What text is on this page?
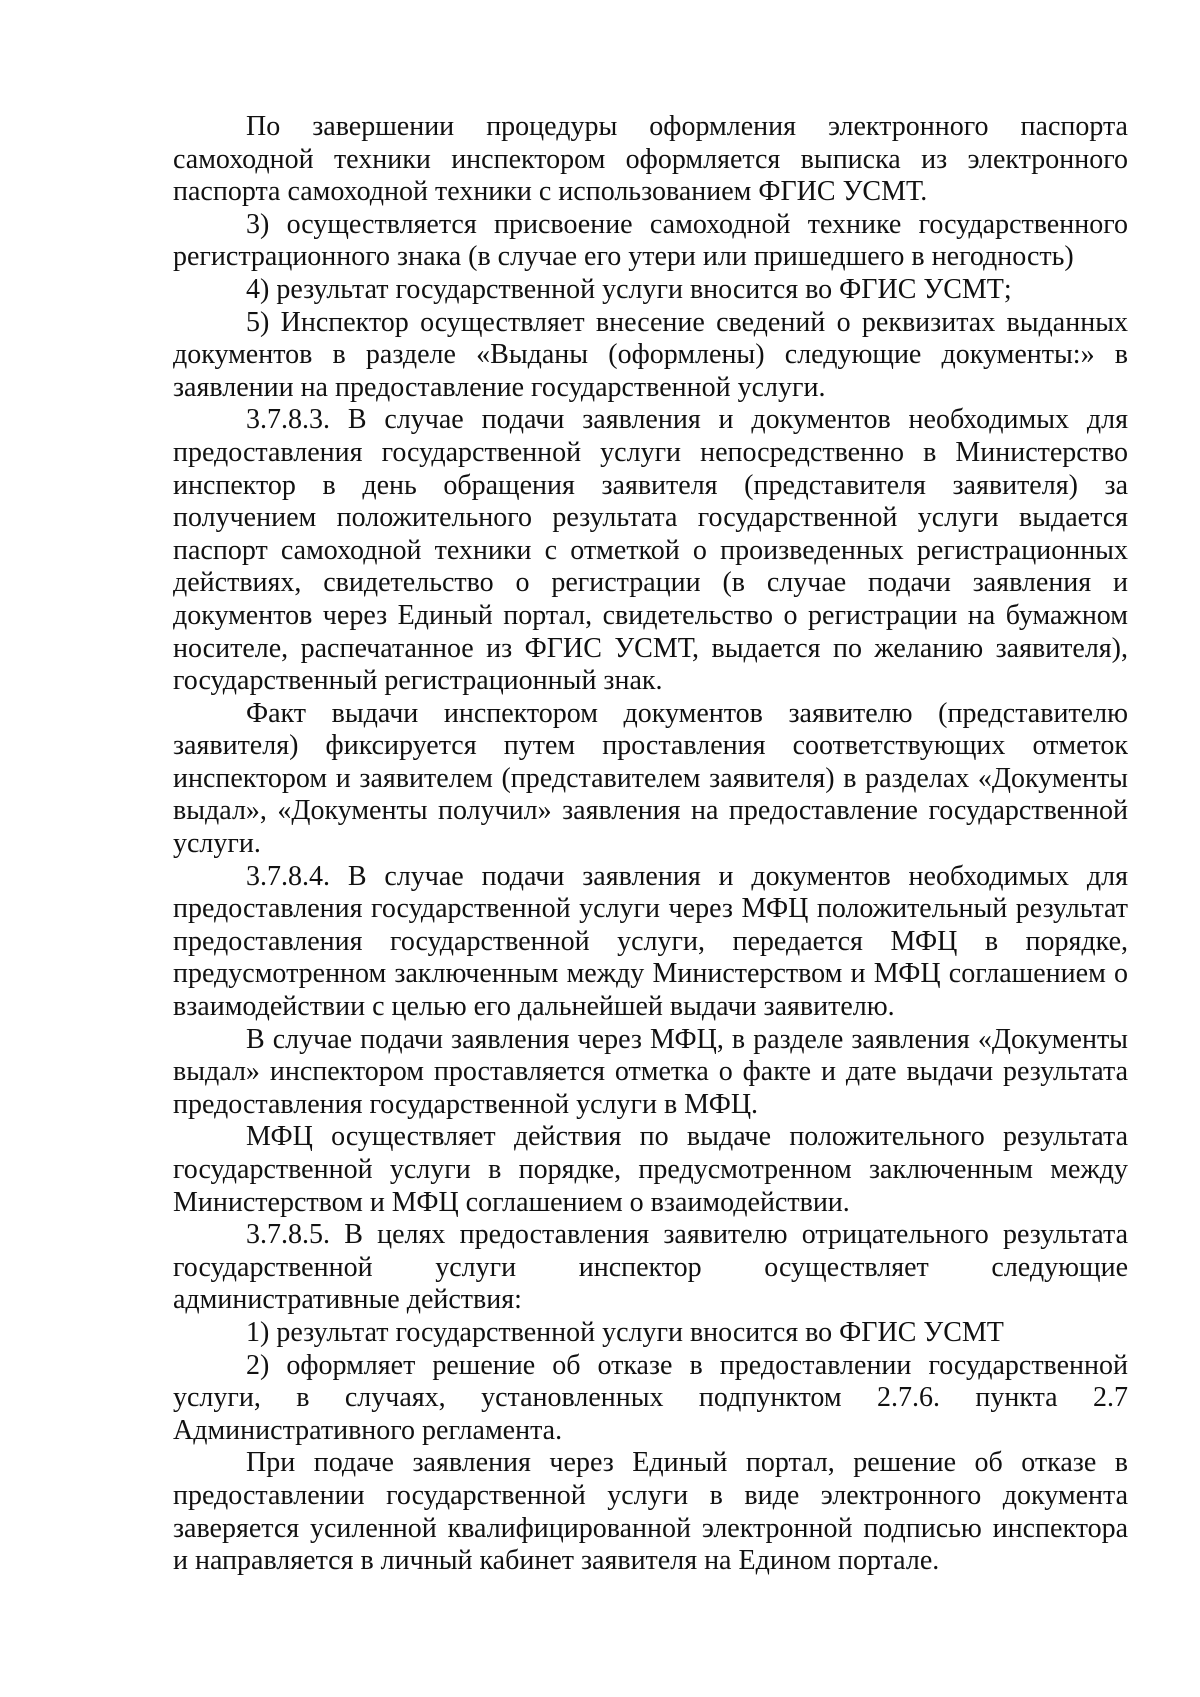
По завершении процедуры оформления электронного паспорта самоходной техники инспектором оформляется выписка из электронного паспорта самоходной техники с использованием ФГИС УСМТ.

3) осуществляется присвоение самоходной технике государственного регистрационного знака (в случае его утери или пришедшего в негодность)

4) результат государственной услуги вносится во ФГИС УСМТ;

5) Инспектор осуществляет внесение сведений о реквизитах выданных документов в разделе «Выданы (оформлены) следующие документы:» в заявлении на предоставление государственной услуги.

3.7.8.3. В случае подачи заявления и документов необходимых для предоставления государственной услуги непосредственно в Министерство инспектор в день обращения заявителя (представителя заявителя) за получением положительного результата государственной услуги выдается паспорт самоходной техники с отметкой о произведенных регистрационных действиях, свидетельство о регистрации (в случае подачи заявления и документов через Единый портал, свидетельство о регистрации на бумажном носителе, распечатанное из ФГИС УСМТ, выдается по желанию заявителя), государственный регистрационный знак.

Факт выдачи инспектором документов заявителю (представителю заявителя) фиксируется путем проставления соответствующих отметок инспектором и заявителем (представителем заявителя) в разделах «Документы выдал», «Документы получил» заявления на предоставление государственной услуги.

3.7.8.4. В случае подачи заявления и документов необходимых для предоставления государственной услуги через МФЦ положительный результат предоставления государственной услуги, передается МФЦ в порядке, предусмотренном заключенным между Министерством и МФЦ соглашением о взаимодействии с целью его дальнейшей выдачи заявителю.

В случае подачи заявления через МФЦ, в разделе заявления «Документы выдал» инспектором проставляется отметка о факте и дате выдачи результата предоставления государственной услуги в МФЦ.

МФЦ осуществляет действия по выдаче положительного результата государственной услуги в порядке, предусмотренном заключенным между Министерством и МФЦ соглашением о взаимодействии.

3.7.8.5. В целях предоставления заявителю отрицательного результата государственной услуги инспектор осуществляет следующие административные действия:

1) результат государственной услуги вносится во ФГИС УСМТ

2) оформляет решение об отказе в предоставлении государственной услуги, в случаях, установленных подпунктом 2.7.6. пункта 2.7 Административного регламента.

При подаче заявления через Единый портал, решение об отказе в предоставлении государственной услуги в виде электронного документа заверяется усиленной квалифицированной электронной подписью инспектора и направляется в личный кабинет заявителя на Едином портале.
